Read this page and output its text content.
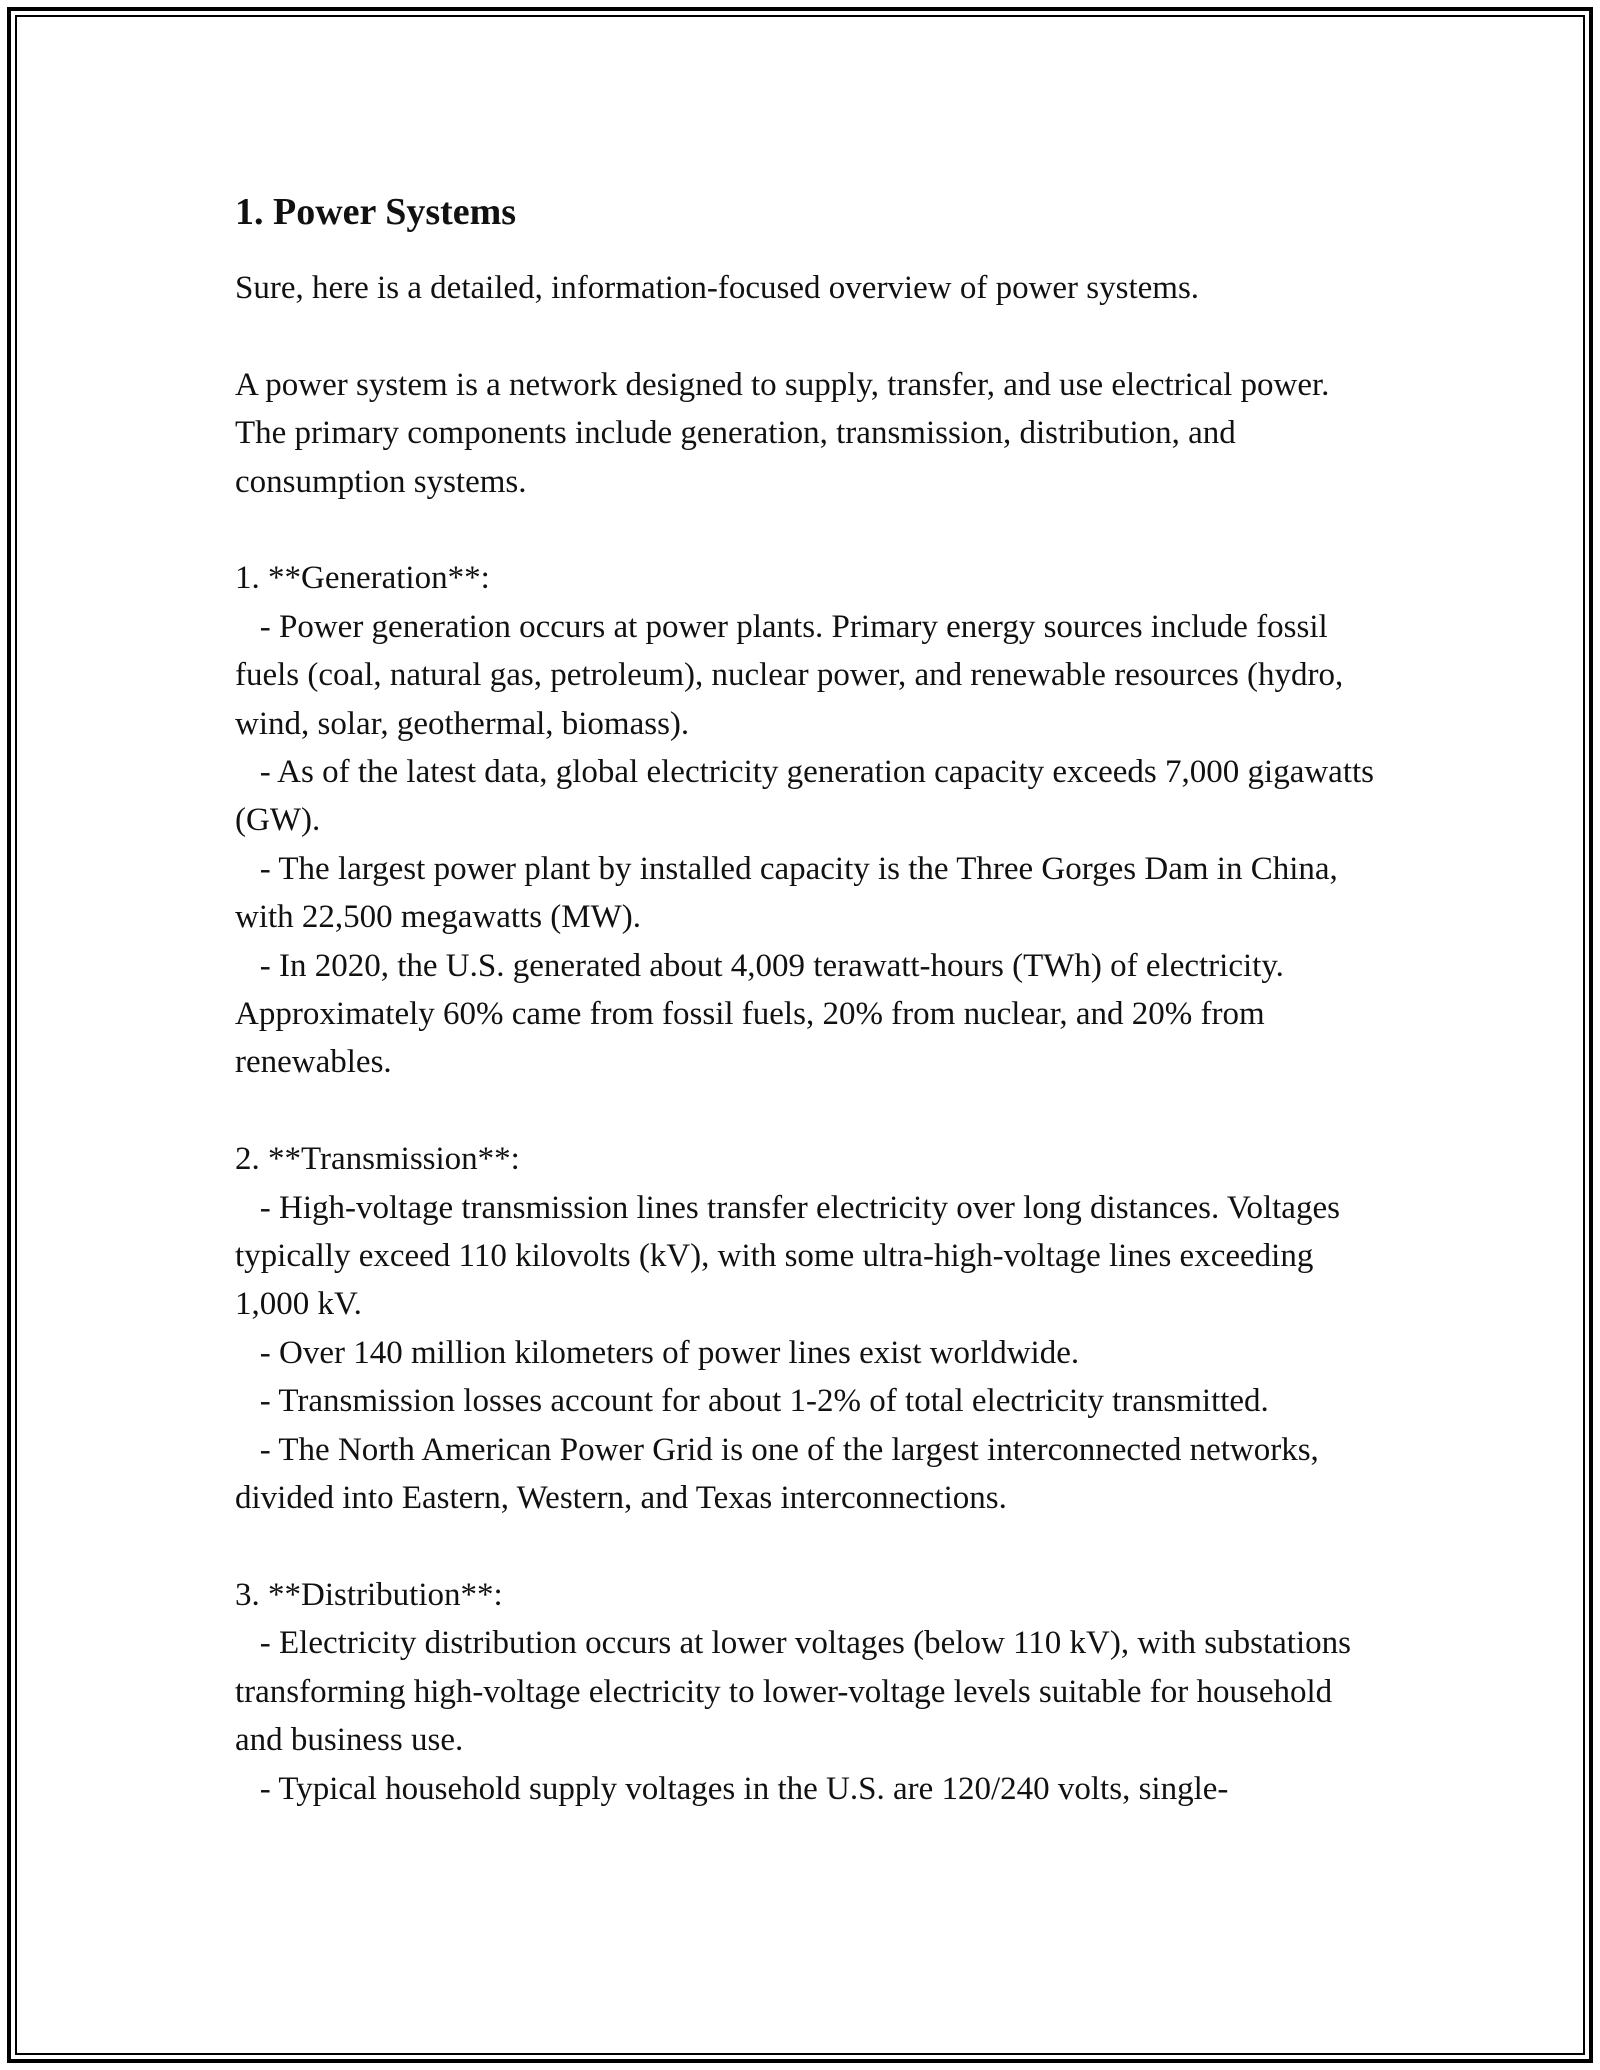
1. Power Systems

Sure, here is a detailed, information-focused overview of power systems.

A power system is a network designed to supply, transfer, and use electrical power. The primary components include generation, transmission, distribution, and consumption systems.

1. **Generation**:

- Power generation occurs at power plants. Primary energy sources include fossil fuels (coal, natural gas, petroleum), nuclear power, and renewable resources (hydro, wind, solar, geothermal, biomass).

- As of the latest data, global electricity generation capacity exceeds 7,000 gigawatts (GW).

- The largest power plant by installed capacity is the Three Gorges Dam in China, with 22,500 megawatts (MW).

- In 2020, the U.S. generated about 4,009 terawatt-hours (TWh) of electricity. Approximately 60% came from fossil fuels, 20% from nuclear, and 20% from renewables.

2. **Transmission**:

- High-voltage transmission lines transfer electricity over long distances. Voltages typically exceed 110 kilovolts (kV), with some ultra-high-voltage lines exceeding 1,000 kV.

- Over 140 million kilometers of power lines exist worldwide.

- Transmission losses account for about 1-2% of total electricity transmitted.

- The North American Power Grid is one of the largest interconnected networks, divided into Eastern, Western, and Texas interconnections.

3. **Distribution**:

- Electricity distribution occurs at lower voltages (below 110 kV), with substations transforming high-voltage electricity to lower-voltage levels suitable for household and business use.

- Typical household supply voltages in the U.S. are 120/240 volts, single-
